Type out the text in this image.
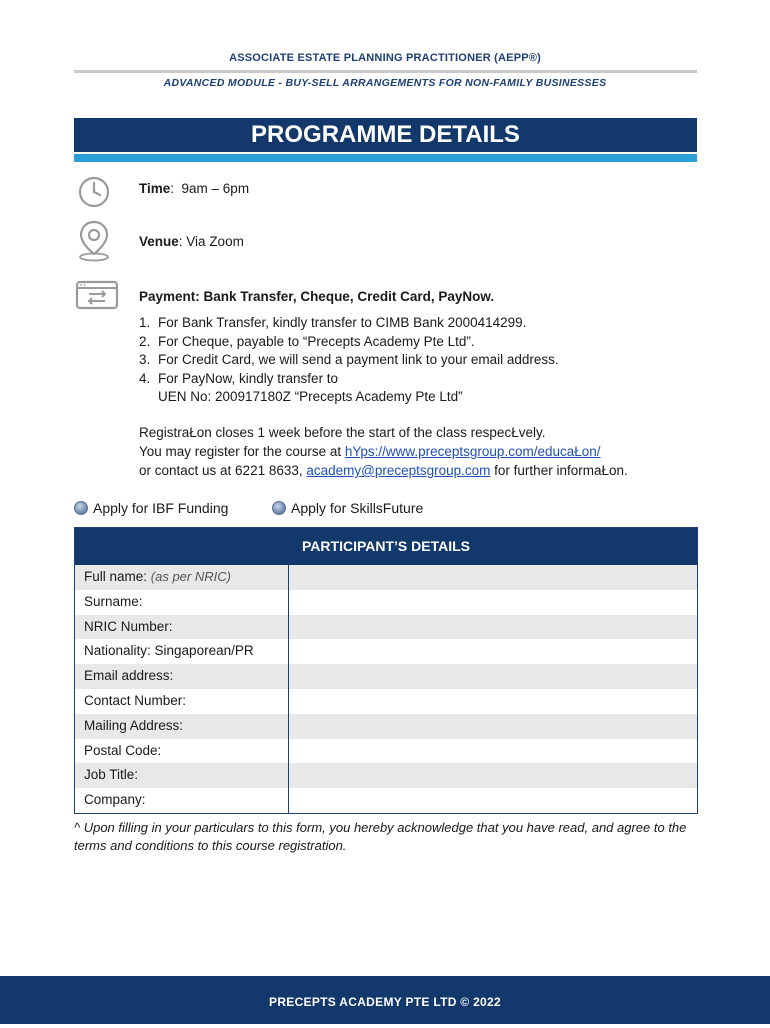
ASSOCIATE ESTATE PLANNING PRACTITIONER (AEPP®)
ADVANCED MODULE - BUY-SELL ARRANGEMENTS FOR NON-FAMILY BUSINESSES
PROGRAMME DETAILS
Time:  9am – 6pm
Venue: Via Zoom
Payment: Bank Transfer, Cheque, Credit Card, PayNow.
1. For Bank Transfer, kindly transfer to CIMB Bank 2000414299.
2. For Cheque, payable to “Precepts Academy Pte Ltd”.
3. For Credit Card, we will send a payment link to your email address.
4. For PayNow, kindly transfer to
UEN No: 200917180Z “Precepts Academy Pte Ltd”
RegistraŁon closes 1 week before the start of the class respecŁvely.
You may register for the course at hYps://www.preceptsgroup.com/educaŁon/
or contact us at 6221 8633, academy@preceptsgroup.com for further informaŁon.
Apply for IBF Funding	Apply for SkillsFuture
PARTICIPANT’S DETAILS
Full name: (as per NRIC)
Surname:
NRIC Number:
Nationality: Singaporean/PR
Email address:
Contact Number:
Mailing Address:
Postal Code:
Job Title:
Company:
^ Upon filling in your particulars to this form, you hereby acknowledge that you have read, and agree to the terms and conditions to this course registration.
PRECEPTS ACADEMY PTE LTD © 2022
